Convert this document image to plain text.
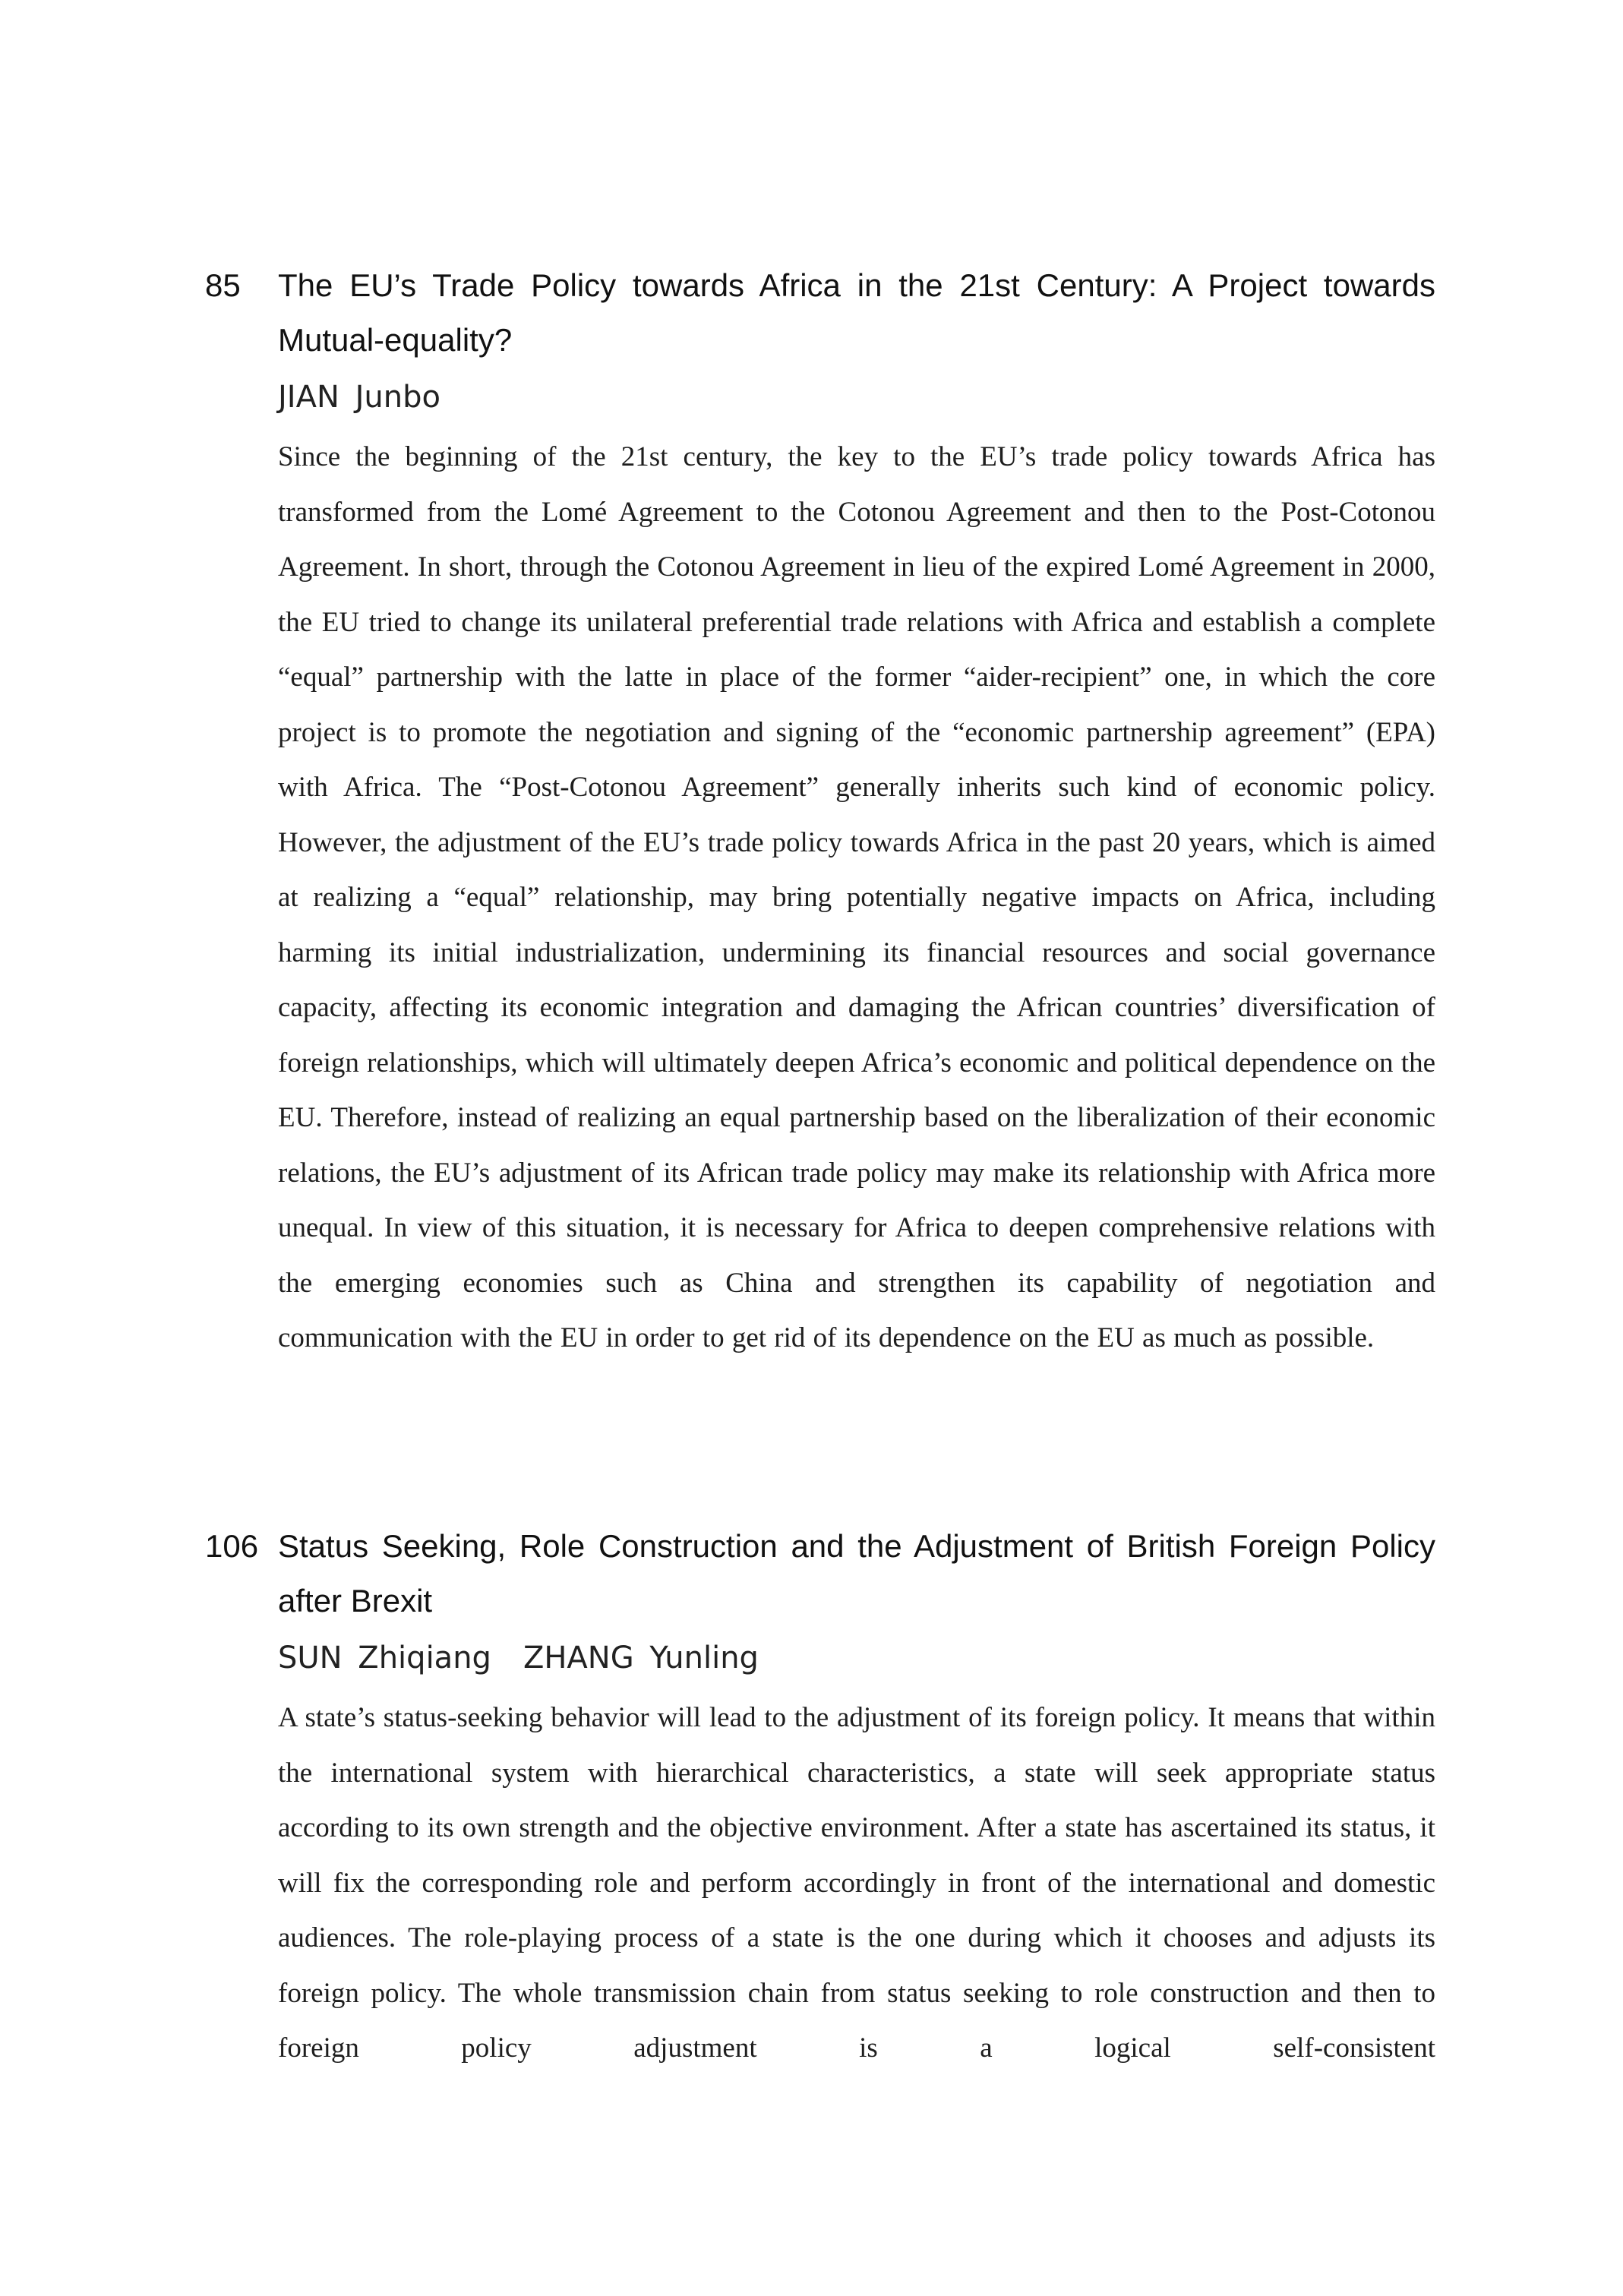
85 The EU’s Trade Policy towards Africa in the 21st Century: A Project towards Mutual-equality?
JIAN Junbo
Since the beginning of the 21st century, the key to the EU’s trade policy towards Africa has transformed from the Lomé Agreement to the Cotonou Agreement and then to the Post-Cotonou Agreement. In short, through the Cotonou Agreement in lieu of the expired Lomé Agreement in 2000, the EU tried to change its unilateral preferential trade relations with Africa and establish a complete “equal” partnership with the latte in place of the former “aider-recipient” one, in which the core project is to promote the negotiation and signing of the “economic partnership agreement” (EPA) with Africa. The “Post-Cotonou Agreement” generally inherits such kind of economic policy. However, the adjustment of the EU’s trade policy towards Africa in the past 20 years, which is aimed at realizing a “equal” relationship, may bring potentially negative impacts on Africa, including harming its initial industrialization, undermining its financial resources and social governance capacity, affecting its economic integration and damaging the African countries’ diversification of foreign relationships, which will ultimately deepen Africa’s economic and political dependence on the EU. Therefore, instead of realizing an equal partnership based on the liberalization of their economic relations, the EU’s adjustment of its African trade policy may make its relationship with Africa more unequal. In view of this situation, it is necessary for Africa to deepen comprehensive relations with the emerging economies such as China and strengthen its capability of negotiation and communication with the EU in order to get rid of its dependence on the EU as much as possible.
106 Status Seeking, Role Construction and the Adjustment of British Foreign Policy after Brexit
SUN Zhiqiang ZHANG Yunling
A state’s status-seeking behavior will lead to the adjustment of its foreign policy. It means that within the international system with hierarchical characteristics, a state will seek appropriate status according to its own strength and the objective environment. After a state has ascertained its status, it will fix the corresponding role and perform accordingly in front of the international and domestic audiences. The role-playing process of a state is the one during which it chooses and adjusts its foreign policy. The whole transmission chain from status seeking to role construction and then to foreign policy adjustment is a logical self-consistent
